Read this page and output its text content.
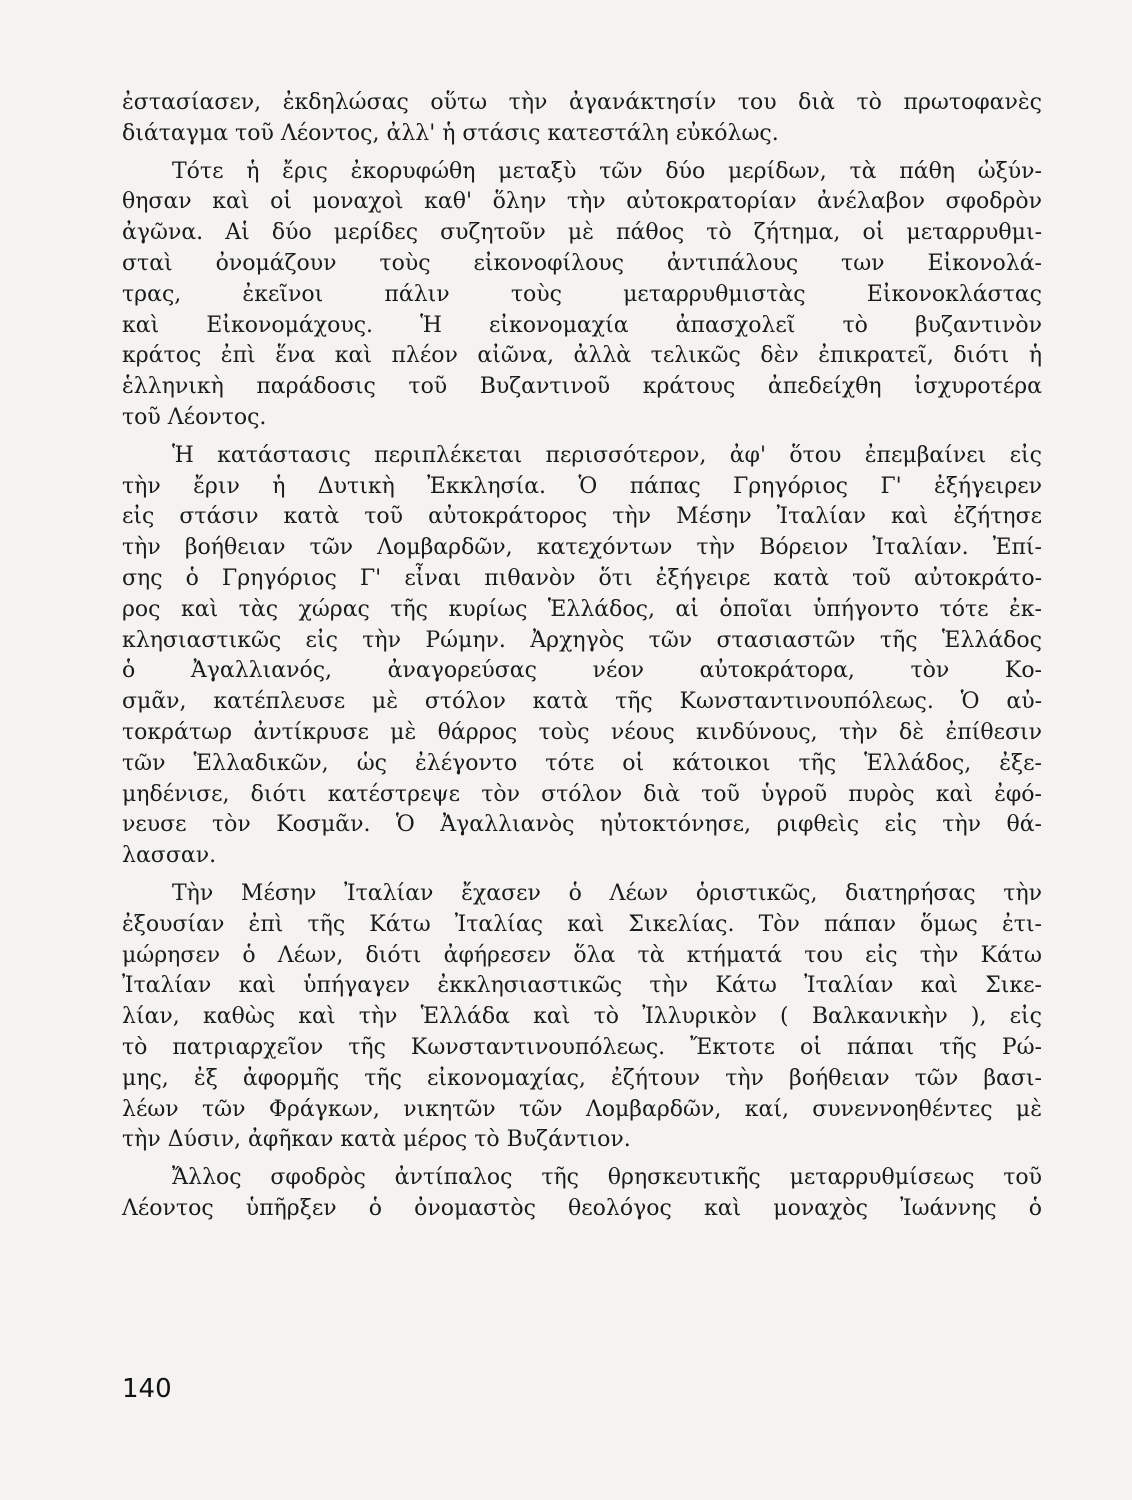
ἐστασίασεν, ἐκδηλώσας οὕτω τὴν ἀγανάκτησίν του διὰ τὸ πρωτοφανὲς
διάταγμα τοῦ Λέοντος, ἀλλ' ἡ στάσις κατεστάλη εὐκόλως.
Τότε ἡ ἔρις ἐκορυφώθη μεταξὺ τῶν δύο μερίδων, τὰ πάθη ὠξύν-
θησαν καὶ οἱ μοναχοὶ καθ' ὅλην τὴν αὐτοκρατορίαν ἀνέλαβον σφοδρὸν
ἀγῶνα. Αἱ δύο μερίδες συζητοῦν μὲ πάθος τὸ ζήτημα, οἱ μεταρρυθμι-
σταὶ ὀνομάζουν τοὺς εἰκονοφίλους ἀντιπάλους των Εἰκονολά-
τρας, ἐκεῖνοι πάλιν τοὺς μεταρρυθμιστὰς Εἰκονοκλάστας
καὶ Εἰκονομάχους. Ἡ εἰκονομαχία ἀπασχολεῖ τὸ βυζαντινὸν
κράτος ἐπὶ ἕνα καὶ πλέον αἰῶνα, ἀλλὰ τελικῶς δὲν ἐπικρατεῖ, διότι ἡ
ἑλληνικὴ παράδοσις τοῦ Βυζαντινοῦ κράτους ἀπεδείχθη ἰσχυροτέρα
τοῦ Λέοντος.
Ἡ κατάστασις περιπλέκεται περισσότερον, ἀφ' ὅτου ἐπεμβαίνει εἰς
τὴν ἔριν ἡ Δυτικὴ Ἐκκλησία. Ὁ πάπας Γρηγόριος Γ' ἐξήγειρεν
εἰς στάσιν κατὰ τοῦ αὐτοκράτορος τὴν Μέσην Ἰταλίαν καὶ ἐζήτησε
τὴν βοήθειαν τῶν Λομβαρδῶν, κατεχόντων τὴν Βόρειον Ἰταλίαν. Ἐπί-
σης ὁ Γρηγόριος Γ' εἶναι πιθανὸν ὅτι ἐξήγειρε κατὰ τοῦ αὐτοκράτο-
ρος καὶ τὰς χώρας τῆς κυρίως Ἑλλάδος, αἱ ὁποῖαι ὑπήγοντο τότε ἐκ-
κλησιαστικῶς εἰς τὴν Ρώμην. Ἀρχηγὸς τῶν στασιαστῶν τῆς Ἑλλάδος
ὁ Ἀγαλλιανός, ἀναγορεύσας νέον αὐτοκράτορα, τὸν Κο-
σμᾶν, κατέπλευσε μὲ στόλον κατὰ τῆς Κωνσταντινουπόλεως. Ὁ αὐ-
τοκράτωρ ἀντίκρυσε μὲ θάρρος τοὺς νέους κινδύνους, τὴν δὲ ἐπίθεσιν
τῶν Ἑλλαδικῶν, ὡς ἐλέγοντο τότε οἱ κάτοικοι τῆς Ἑλλάδος, ἐξε-
μηδένισε, διότι κατέστρεψε τὸν στόλον διὰ τοῦ ὑγροῦ πυρὸς καὶ ἐφό-
νευσε τὸν Κοσμᾶν. Ὁ Ἀγαλλιανὸς ηὐτοκτόνησε, ριφθεὶς εἰς τὴν θά-
λασσαν.
Τὴν Μέσην Ἰταλίαν ἔχασεν ὁ Λέων ὁριστικῶς, διατηρήσας τὴν
ἐξουσίαν ἐπὶ τῆς Κάτω Ἰταλίας καὶ Σικελίας. Τὸν πάπαν ὅμως ἐτι-
μώρησεν ὁ Λέων, διότι ἀφήρεσεν ὅλα τὰ κτήματά του εἰς τὴν Κάτω
Ἰταλίαν καὶ ὑπήγαγεν ἐκκλησιαστικῶς τὴν Κάτω Ἰταλίαν καὶ Σικε-
λίαν, καθὼς καὶ τὴν Ἑλλάδα καὶ τὸ Ἰλλυρικὸν ( Βαλκανικὴν ), εἰς
τὸ πατριαρχεῖον τῆς Κωνσταντινουπόλεως. Ἔκτοτε οἱ πάπαι τῆς Ρώ-
μης, ἐξ ἀφορμῆς τῆς εἰκονομαχίας, ἐζήτουν τὴν βοήθειαν τῶν βασι-
λέων τῶν Φράγκων, νικητῶν τῶν Λομβαρδῶν, καί, συνεννοηθέντες μὲ
τὴν Δύσιν, ἀφῆκαν κατὰ μέρος τὸ Βυζάντιον.
Ἄλλος σφοδρὸς ἀντίπαλος τῆς θρησκευτικῆς μεταρρυθμίσεως τοῦ
Λέοντος ὑπῆρξεν ὁ ὀνομαστὸς θεολόγος καὶ μοναχὸς Ἰωάννης ὁ
140
